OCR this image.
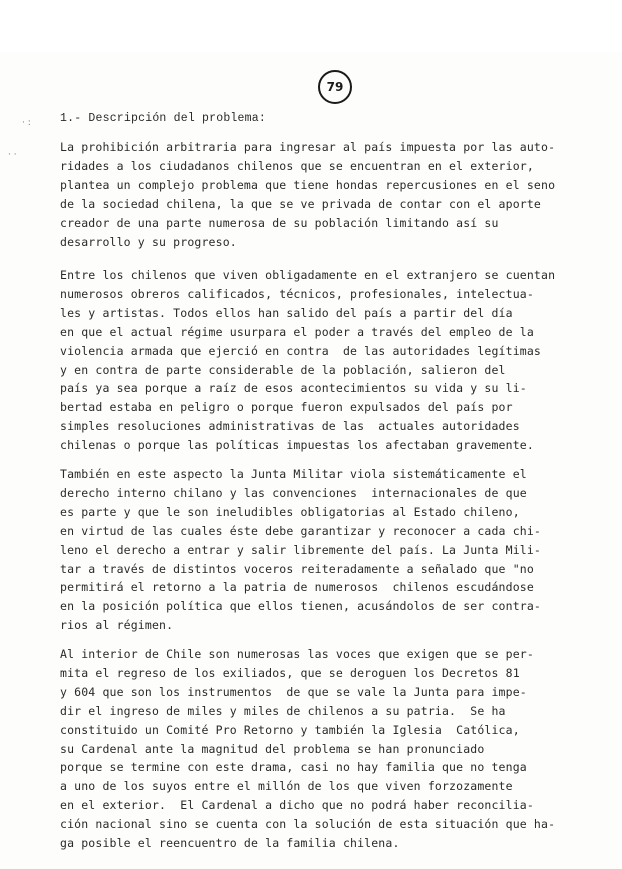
· :
· ·
79
1.- Descripción del problema:
La prohibición arbitraria para ingresar al país impuesta por las auto-
ridades a los ciudadanos chilenos que se encuentran en el exterior,
plantea un complejo problema que tiene hondas repercusiones en el seno
de la sociedad chilena, la que se ve privada de contar con el aporte
creador de una parte numerosa de su población limitando así su
desarrollo y su progreso.
Entre los chilenos que viven obligadamente en el extranjero se cuentan
numerosos obreros calificados, técnicos, profesionales, intelectua-
les y artistas. Todos ellos han salido del país a partir del día
en que el actual régime usurpara el poder a través del empleo de la
violencia armada que ejerció en contra  de las autoridades legítimas
y en contra de parte considerable de la población, salieron del
país ya sea porque a raíz de esos acontecimientos su vida y su li-
bertad estaba en peligro o porque fueron expulsados del país por
simples resoluciones administrativas de las  actuales autoridades
chilenas o porque las políticas impuestas los afectaban gravemente.
También en este aspecto la Junta Militar viola sistemáticamente el
derecho interno chilano y las convenciones  internacionales de que
es parte y que le son ineludibles obligatorias al Estado chileno,
en virtud de las cuales éste debe garantizar y reconocer a cada chi-
leno el derecho a entrar y salir libremente del país. La Junta Mili-
tar a través de distintos voceros reiteradamente a señalado que "no
permitirá el retorno a la patria de numerosos  chilenos escudándose
en la posición política que ellos tienen, acusándolos de ser contra-
rios al régimen.
Al interior de Chile son numerosas las voces que exigen que se per-
mita el regreso de los exiliados, que se deroguen los Decretos 81
y 604 que son los instrumentos  de que se vale la Junta para impe-
dir el ingreso de miles y miles de chilenos a su patria.  Se ha
constituido un Comité Pro Retorno y también la Iglesia  Católica,
su Cardenal ante la magnitud del problema se han pronunciado
porque se termine con este drama, casi no hay familia que no tenga
a uno de los suyos entre el millón de los que viven forzozamente
en el exterior.  El Cardenal a dicho que no podrá haber reconcilia-
ción nacional sino se cuenta con la solución de esta situación que ha-
ga posible el reencuentro de la familia chilena.
